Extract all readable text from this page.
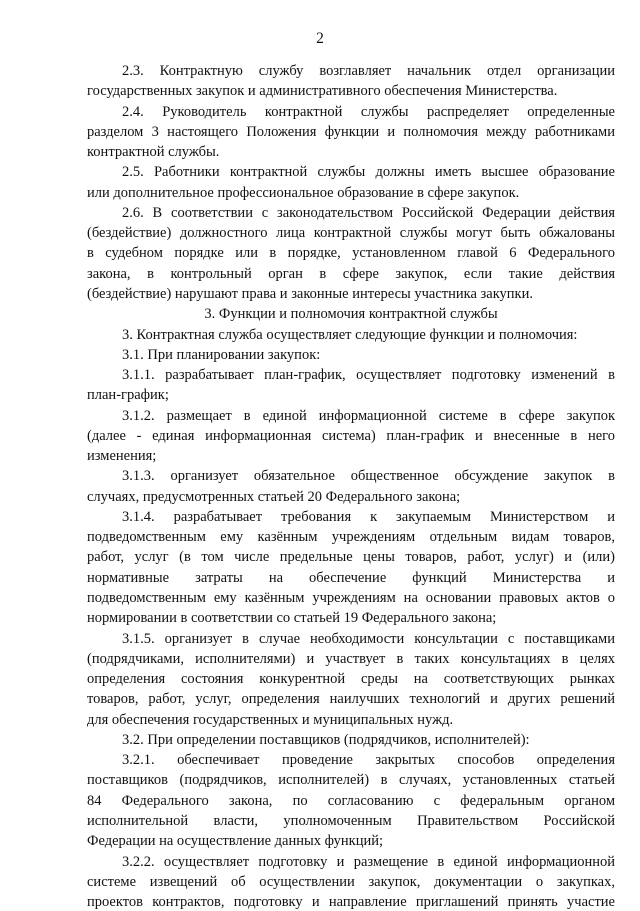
2
2.3. Контрактную службу возглавляет начальник отдел организации
государственных закупок и административного обеспечения Министерства.
2.4. Руководитель контрактной службы распределяет определенные
разделом 3 настоящего Положения функции и полномочия между работниками
контрактной службы.
2.5. Работники контрактной службы должны иметь высшее образование
или дополнительное профессиональное образование в сфере закупок.
2.6. В соответствии с законодательством Российской Федерации действия
(бездействие) должностного лица контрактной службы могут быть обжалованы
в судебном порядке или в порядке, установленном главой 6 Федерального
закона, в контрольный орган в сфере закупок, если такие действия
(бездействие) нарушают права и законные интересы участника закупки.
3. Функции и полномочия контрактной службы
3. Контрактная служба осуществляет следующие функции и полномочия:
3.1. При планировании закупок:
3.1.1. разрабатывает план-график, осуществляет подготовку изменений в
план-график;
3.1.2. размещает в единой информационной системе в сфере закупок
(далее - единая информационная система) план-график и внесенные в него
изменения;
3.1.3. организует обязательное общественное обсуждение закупок в
случаях, предусмотренных статьей 20 Федерального закона;
3.1.4. разрабатывает требования к закупаемым Министерством и
подведомственным ему казённым учреждениям отдельным видам товаров,
работ, услуг (в том числе предельные цены товаров, работ, услуг) и (или)
нормативные затраты на обеспечение функций Министерства и
подведомственным ему казённым учреждениям на основании правовых актов о
нормировании в соответствии со статьей 19 Федерального закона;
3.1.5. организует в случае необходимости консультации с поставщиками
(подрядчиками, исполнителями) и участвует в таких консультациях в целях
определения состояния конкурентной среды на соответствующих рынках
товаров, работ, услуг, определения наилучших технологий и других решений
для обеспечения государственных и муниципальных нужд.
3.2. При определении поставщиков (подрядчиков, исполнителей):
3.2.1. обеспечивает проведение закрытых способов определения
поставщиков (подрядчиков, исполнителей) в случаях, установленных статьей
84 Федерального закона, по согласованию с федеральным органом
исполнительной власти, уполномоченным Правительством Российской
Федерации на осуществление данных функций;
3.2.2. осуществляет подготовку и размещение в единой информационной
системе извещений об осуществлении закупок, документации о закупках,
проектов контрактов, подготовку и направление приглашений принять участие
